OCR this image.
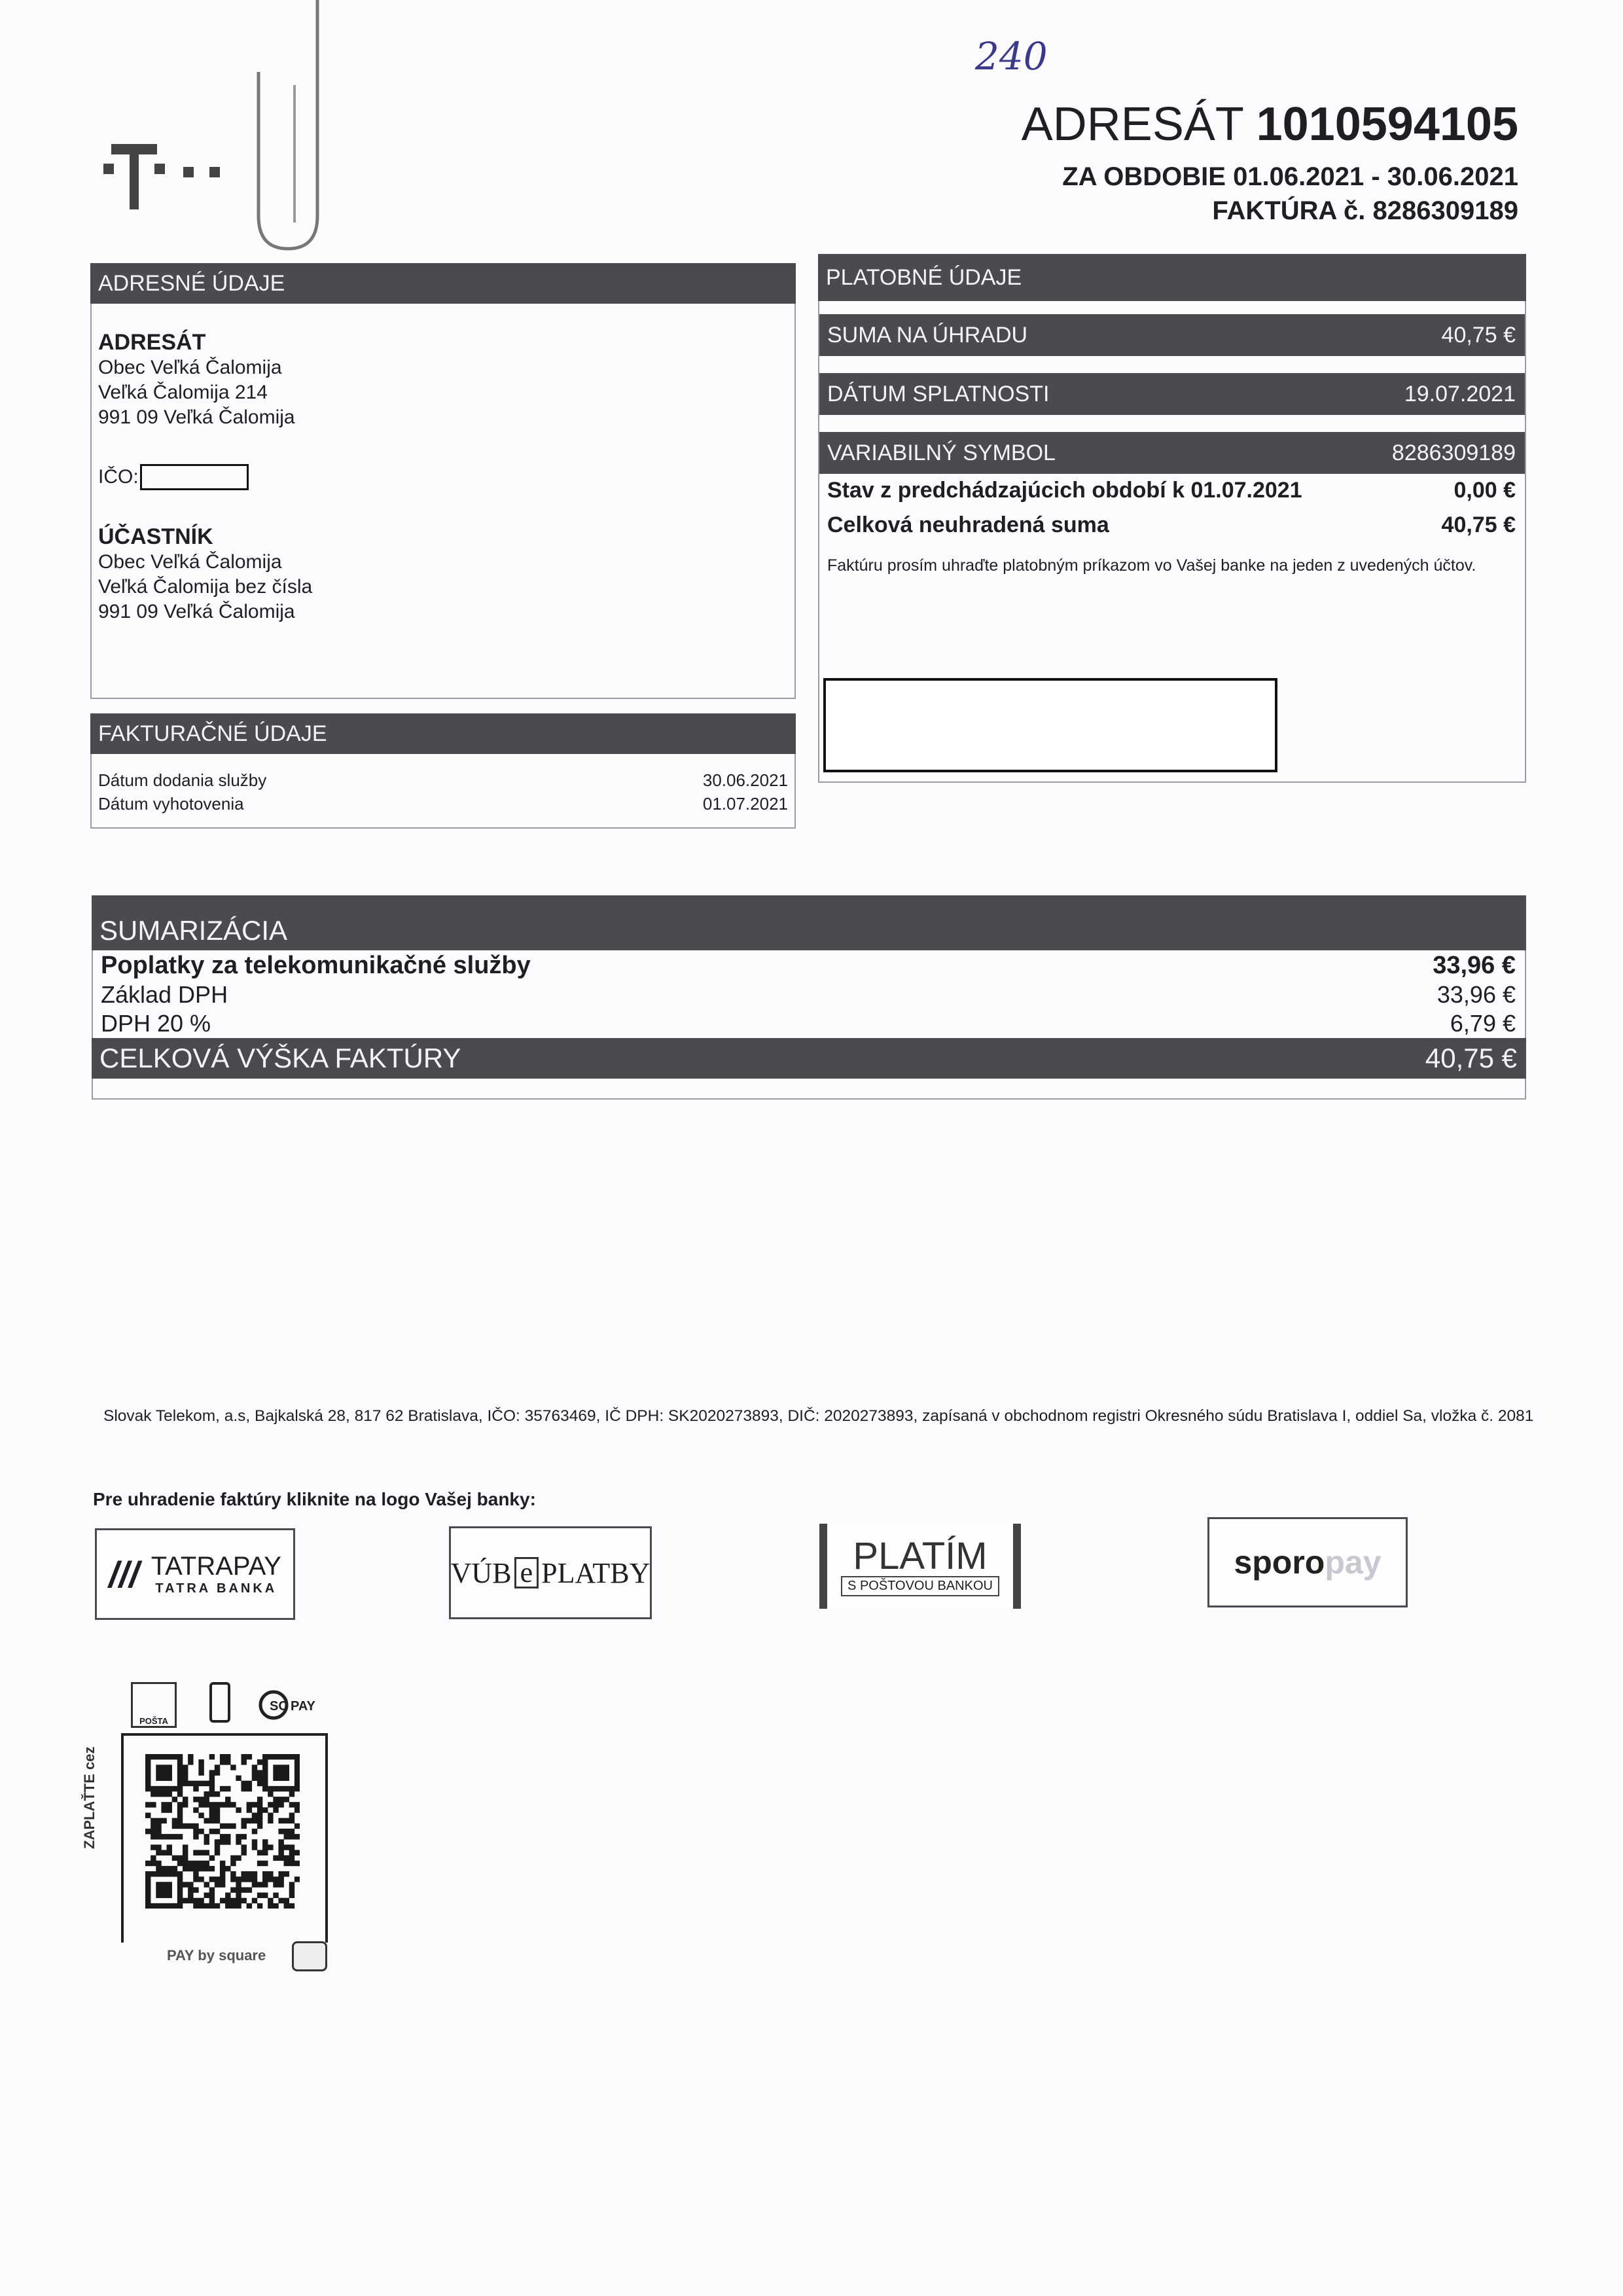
240
ADRESÁT 1010594105
ZA OBDOBIE 01.06.2021 - 30.06.2021
FAKTÚRA č. 8286309189
ADRESNÉ ÚDAJE
ADRESÁT
Obec Veľká Čalomija
Veľká Čalomija 214
991 09 Veľká Čalomija
IČO:
ÚČASTNÍK
Obec Veľká Čalomija
Veľká Čalomija bez čísla
991 09 Veľká Čalomija
FAKTURAČNÉ ÚDAJE
Dátum dodania služby	30.06.2021
Dátum vyhotovenia	01.07.2021
PLATOBNÉ ÚDAJE
SUMA NA ÚHRADU	40,75 €
DÁTUM SPLATNOSTI	19.07.2021
VARIABILNÝ SYMBOL	8286309189
Stav z predchádzajúcich období k 01.07.2021	0,00 €
Celková neuhradená suma	40,75 €
Faktúru prosím uhraďte platobným príkazom vo Vašej banke na jeden z uvedených účtov.
SUMARIZÁCIA
Poplatky za telekomunikačné služby	33,96 €
Základ DPH	33,96 €
DPH 20 %	6,79 €
CELKOVÁ VÝŠKA FAKTÚRY	40,75 €
Slovak Telekom, a.s, Bajkalská 28, 817 62 Bratislava, IČO: 35763469, IČ DPH: SK2020273893, DIČ: 2020273893, zapísaná v obchodnom registri Okresného súdu Bratislava I, oddiel Sa, vložka č. 2081
Pre uhradenie faktúry kliknite na logo Vašej banky:
/// TATRAPAY
TATRA BANKA	VÚB e PLATBY	PLATÍM
S POŠTOVOU BANKOU
sporo pay
POŠTA
SC PAY
ZAPLAŤTE cez
PAY by square
